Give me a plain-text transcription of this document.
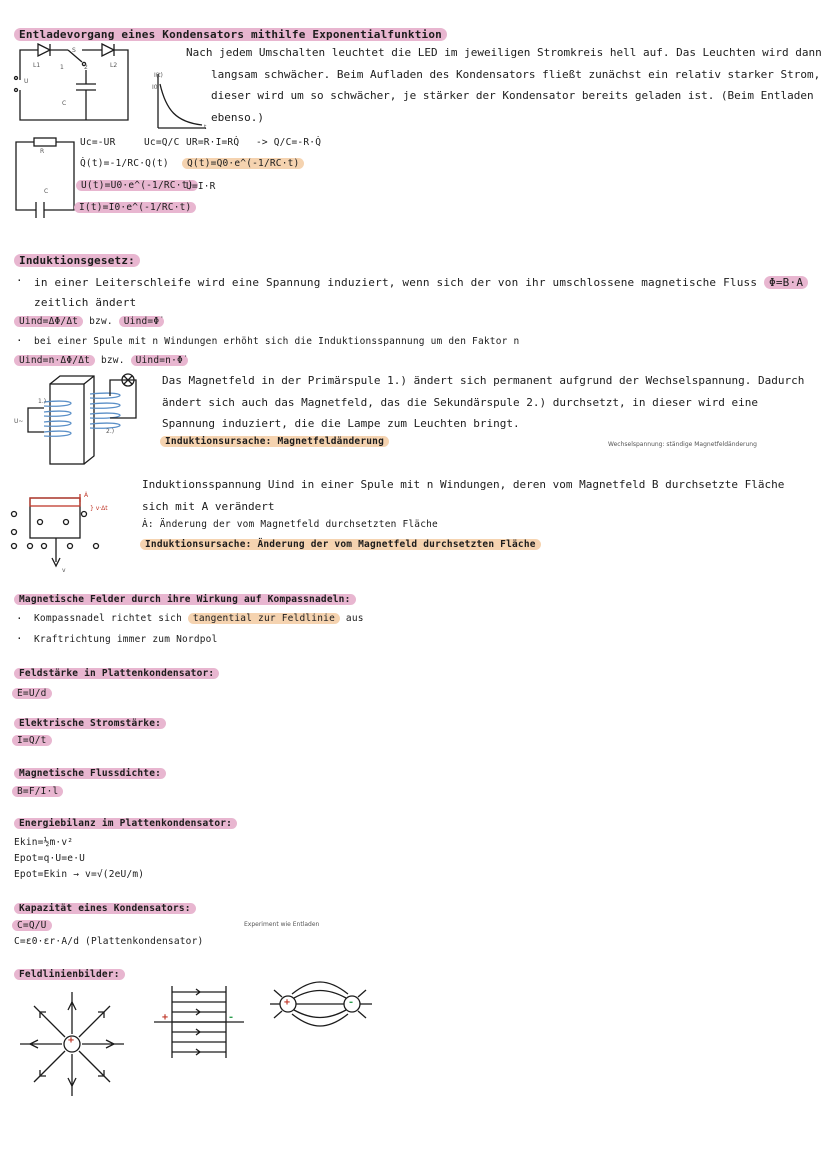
Entladevorgang eines Kondensators mithilfe Exponentialfunktion
L1	L2
S
1	2
U
C
R
C
I(t)
I0
t
Nach jedem Umschalten leuchtet die LED im jeweiligen Stromkreis hell auf. Das Leuchten wird dann langsam schwächer. Beim Aufladen des Kondensators fließt zunächst ein relativ starker Strom, dieser wird um so schwächer, je stärker der Kondensator bereits geladen ist. (Beim Entladen ebenso.)
Uc=-UR	Uc=Q/C UR=R·I=RQ̇ -> Q/C=-R·Q̇
Q̇(t)=-1/RC·Q(t)	Q(t)=Q0·e^(-1/RC·t)
U(t)=U0·e^(-1/RC·t)
U=I·R
I(t)=I0·e^(-1/RC·t)
Induktionsgesetz:
· in einer Leiterschleife wird eine Spannung induziert, wenn sich der von ihr umschlossene magnetische Fluss Φ=B·A
zeitlich ändert
Uind=ΔΦ/Δt bzw. Uind=Φ̇
· bei einer Spule mit n Windungen erhöht sich die Induktionsspannung um den Faktor n
Uind=n·ΔΦ/Δt bzw. Uind=n·Φ̇
1.)
2.)
U~
Das Magnetfeld in der Primärspule 1.) ändert sich permanent aufgrund der Wechselspannung. Dadurch ändert sich auch das Magnetfeld, das die Sekundärspule 2.) durchsetzt, in dieser wird eine Spannung induziert, die die Lampe zum Leuchten bringt.
Induktionsursache: Magnetfeldänderung	Wechselspannung: ständige Magnetfeldänderung
Ȧ
} v·Δt
v
Induktionsspannung Uind in einer Spule mit n Windungen, deren vom Magnetfeld B durchsetzte Fläche sich mit A verändert
Ȧ: Änderung der vom Magnetfeld durchsetzten Fläche
Induktionsursache: Änderung der vom Magnetfeld durchsetzten Fläche
Magnetische Felder durch ihre Wirkung auf Kompassnadeln:
· Kompassnadel richtet sich tangential zur Feldlinie aus
· Kraftrichtung immer zum Nordpol
Feldstärke in Plattenkondensator:
E=U/d
Elektrische Stromstärke:
I=Q/t
Magnetische Flussdichte:
B=F/I·l
Energiebilanz im Plattenkondensator:
Ekin=½m·v²
Epot=q·U=e·U
Epot=Ekin → v=√(2eU/m)
Kapazität eines Kondensators:
C=Q/U
C=ε0·εr·A/d (Plattenkondensator)
Experiment wie Entladen
Feldlinienbilder:
+
+	-
+	-
